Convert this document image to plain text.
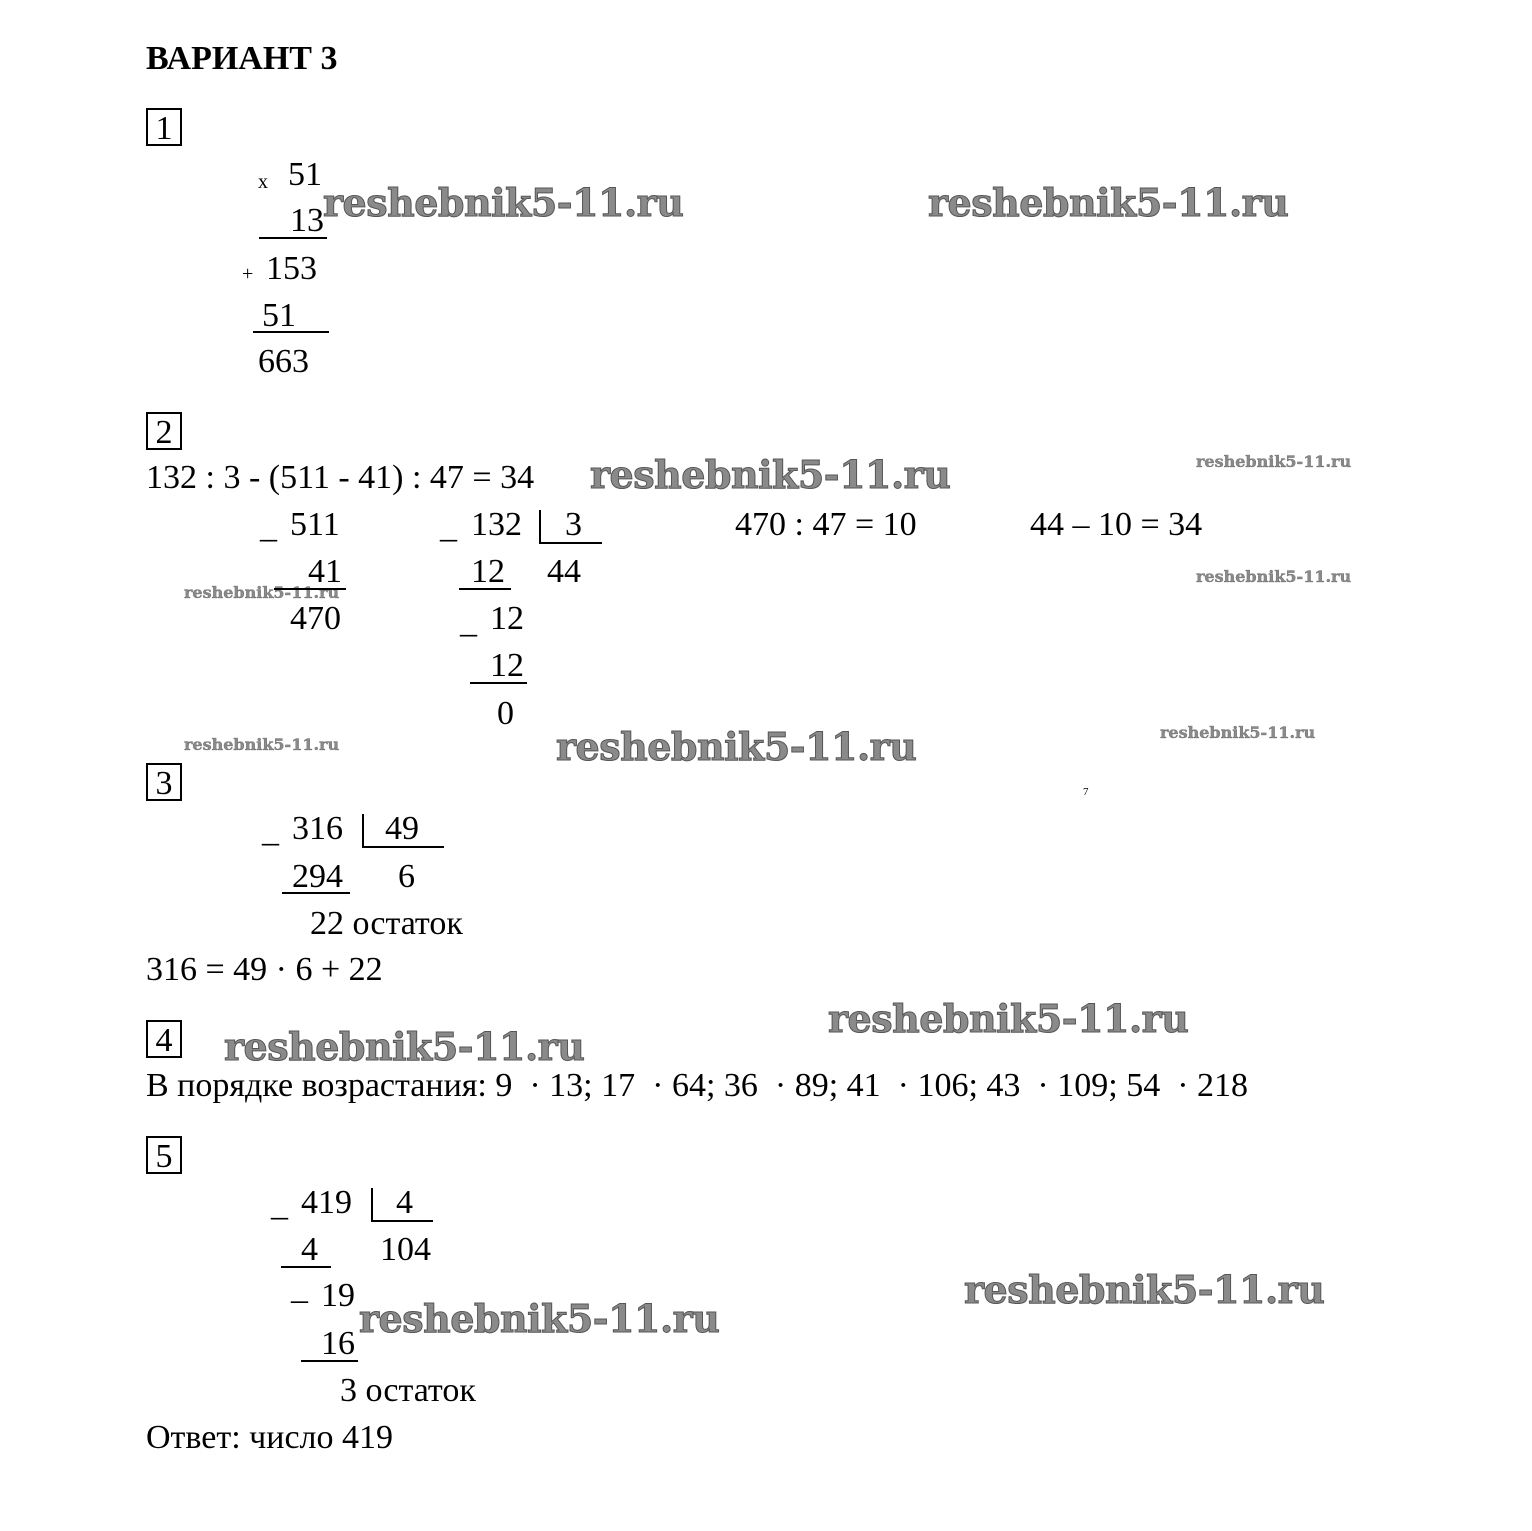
ВАРИАНТ 3
reshebnik5-11.ru	reshebnik5-11.ru
reshebnik5-11.ru	reshebnik5-11.ru
reshebnik5-11.ru
reshebnik5-11.ru
reshebnik5-11.ru	reshebnik5-11.ru	reshebnik5-11.ru
reshebnik5-11.ru
reshebnik5-11.ru
reshebnik5-11.ru
reshebnik5-11.ru
1
x 51
13
+ 153
51
663
2
132 : 3 - (511 - 41) : 47 = 34
_ 511
41
470
_ 132 3
12 44
_ 12
12
0
470 : 47 = 10	44 – 10 = 34
3	7
_ 316 49
294 6
22 остаток
316 = 49 · 6 + 22
4
В порядке возрастания: 9  · 13; 17  · 64; 36  · 89; 41  · 106; 43  · 109; 54  · 218
5
_ 419 4
4 104
– 19
16
3 остаток
Ответ: число 419
